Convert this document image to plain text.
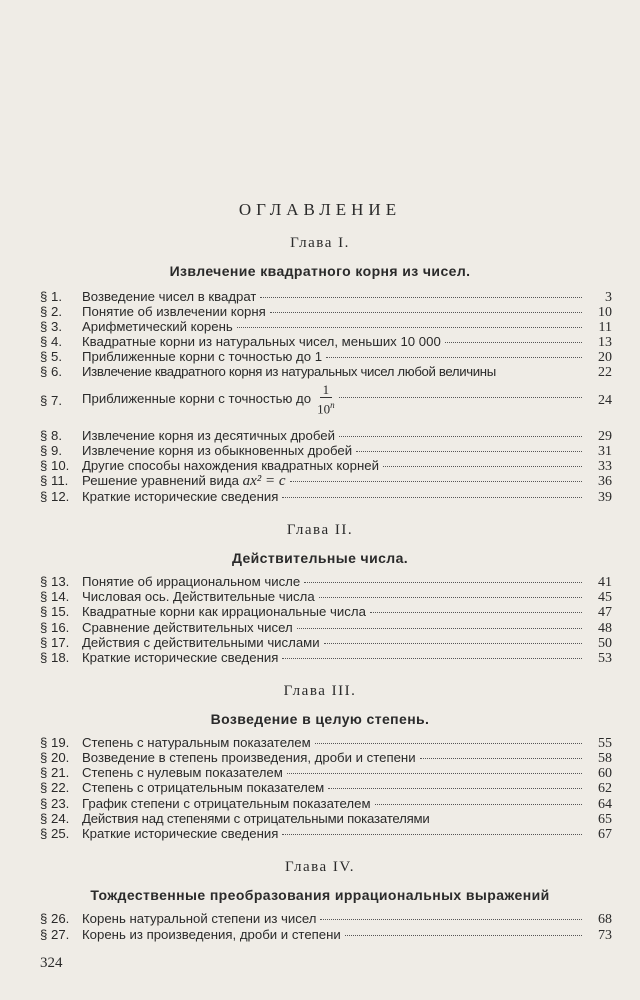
ОГЛАВЛЕНИЕ
Глава I.
Извлечение квадратного корня из чисел.
§ 1.	Возведение чисел в квадрат	3
§ 2.	Понятие об извлечении корня	10
§ 3.	Арифметический корень	11
§ 4.	Квадратные корни из натуральных чисел, меньших 10 000	13
§ 5.	Приближенные корни с точностью до 1	20
§ 6.	Извлечение квадратного корня из натуральных чисел любой величины	22
§ 7.	Приближенные корни с точностью до $\frac{1}{10^n}$	24
§ 8.	Извлечение корня из десятичных дробей	29
§ 9.	Извлечение корня из обыкновенных дробей	31
§ 10. Другие способы нахождения квадратных корней	33
§ 11.	Решение уравнений вида ax² = c	36
§ 12. Краткие исторические сведения	39
Глава II.
Действительные числа.
§ 13. Понятие об иррациональном числе	41
§ 14. Числовая ось. Действительные числа	45
§ 15. Квадратные корни как иррациональные числа	47
§ 16. Сравнение действительных чисел	48
§ 17. Действия с действительными числами	50
§ 18. Краткие исторические сведения	53
Глава III.
Возведение в целую степень.
§ 19. Степень с натуральным показателем	55
§ 20. Возведение в степень произведения, дроби и степени	58
§ 21. Степень с нулевым показателем	60
§ 22. Степень с отрицательным показателем	62
§ 23. График степени с отрицательным показателем	64
§ 24. Действия над степенями с отрицательными показателями	65
§ 25. Краткие исторические сведения	67
Глава IV.
Тождественные преобразования иррациональных выражений
§ 26. Корень натуральной степени из чисел	68
§ 27. Корень из произведения, дроби и степени	73
324
